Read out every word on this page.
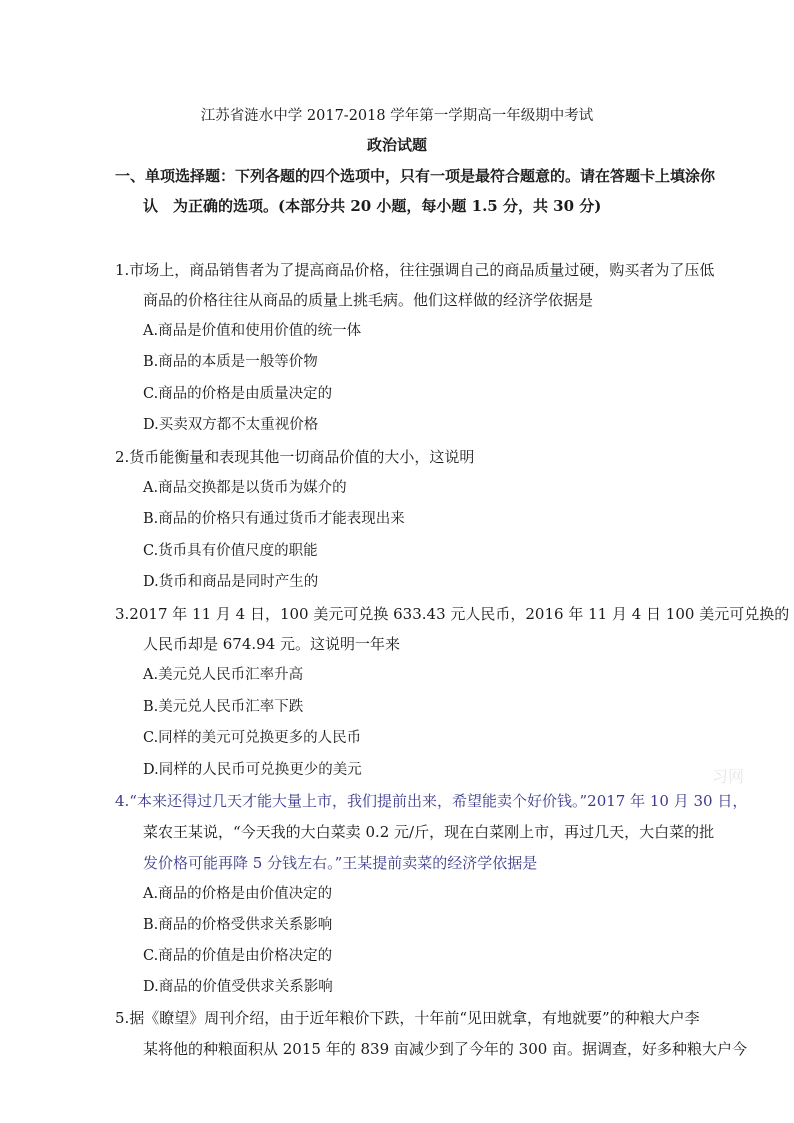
江苏省涟水中学 2017-2018 学年第一学期高一年级期中考试
政治试题
一、单项选择题：下列各题的四个选项中，只有一项是最符合题意的。请在答题卡上填涂你
认　为正确的选项。(本部分共 20 小题，每小题 1.5 分，共 30 分)
1.市场上，商品销售者为了提高商品价格，往往强调自己的商品质量过硬，购买者为了压低
商品的价格往往从商品的质量上挑毛病。他们这样做的经济学依据是
A.商品是价值和使用价值的统一体
B.商品的本质是一般等价物
C.商品的价格是由质量决定的
D.买卖双方都不太重视价格
2.货币能衡量和表现其他一切商品价值的大小，这说明
A.商品交换都是以货币为媒介的
B.商品的价格只有通过货币才能表现出来
C.货币具有价值尺度的职能
D.货币和商品是同时产生的
3.2017 年 11 月 4 日，100 美元可兑换 633.43 元人民币，2016 年 11 月 4 日 100 美元可兑换的
人民币却是 674.94 元。这说明一年来
A.美元兑人民币汇率升高
B.美元兑人民币汇率下跌
C.同样的美元可兑换更多的人民币
D.同样的人民币可兑换更少的美元
4.“本来还得过几天才能大量上市，我们提前出来，希望能卖个好价钱。”2017 年 10 月 30 日，
菜农王某说，“今天我的大白菜卖 0.2 元/斤，现在白菜刚上市，再过几天，大白菜的批
发价格可能再降 5 分钱左右。”王某提前卖菜的经济学依据是
A.商品的价格是由价值决定的
B.商品的价格受供求关系影响
C.商品的价值是由价格决定的
D.商品的价值受供求关系影响
5.据《瞭望》周刊介绍，由于近年粮价下跌，十年前“见田就拿，有地就要”的种粮大户李
某将他的种粮面积从 2015 年的 839 亩减少到了今年的 300 亩。据调查，好多种粮大户今
习网
